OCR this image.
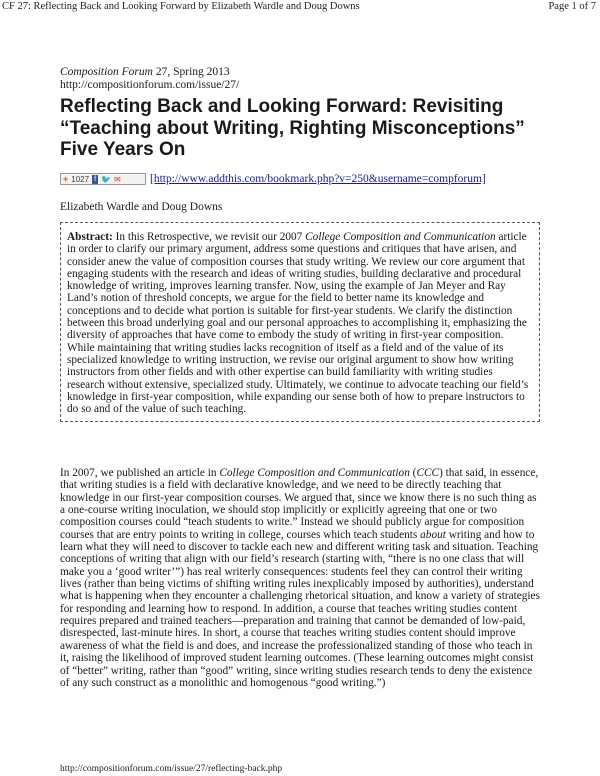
CF 27: Reflecting Back and Looking Forward by Elizabeth Wardle and Doug Downs	Page 1 of 7
Composition Forum 27, Spring 2013
http://compositionforum.com/issue/27/
Reflecting Back and Looking Forward: Revisiting “Teaching about Writing, Righting Misconceptions” Five Years On
+ 1027 f 🐦 ✉	[http://www.addthis.com/bookmark.php?v=250&username=compforum]
Elizabeth Wardle and Doug Downs
Abstract: In this Retrospective, we revisit our 2007 College Composition and Communication article in order to clarify our primary argument, address some questions and critiques that have arisen, and consider anew the value of composition courses that study writing. We review our core argument that engaging students with the research and ideas of writing studies, building declarative and procedural knowledge of writing, improves learning transfer. Now, using the example of Jan Meyer and Ray Land’s notion of threshold concepts, we argue for the field to better name its knowledge and conceptions and to decide what portion is suitable for first-year students. We clarify the distinction between this broad underlying goal and our personal approaches to accomplishing it, emphasizing the diversity of approaches that have come to embody the study of writing in first-year composition. While maintaining that writing studies lacks recognition of itself as a field and of the value of its specialized knowledge to writing instruction, we revise our original argument to show how writing instructors from other fields and with other expertise can build familiarity with writing studies research without extensive, specialized study. Ultimately, we continue to advocate teaching our field’s knowledge in first-year composition, while expanding our sense both of how to prepare instructors to do so and of the value of such teaching.

In 2007, we published an article in College Composition and Communication (CCC) that said, in essence, that writing studies is a field with declarative knowledge, and we need to be directly teaching that knowledge in our first-year composition courses. We argued that, since we know there is no such thing as a one-course writing inoculation, we should stop implicitly or explicitly agreeing that one or two composition courses could “teach students to write.” Instead we should publicly argue for composition courses that are entry points to writing in college, courses which teach students about writing and how to learn what they will need to discover to tackle each new and different writing task and situation. Teaching conceptions of writing that align with our field’s research (starting with, “there is no one class that will make you a ‘good writer’”) has real writerly consequences: students feel they can control their writing lives (rather than being victims of shifting writing rules inexplicably imposed by authorities), understand what is happening when they encounter a challenging rhetorical situation, and know a variety of strategies for responding and learning how to respond. In addition, a course that teaches writing studies content requires prepared and trained teachers—preparation and training that cannot be demanded of low-paid, disrespected, last-minute hires. In short, a course that teaches writing studies content should improve awareness of what the field is and does, and increase the professionalized standing of those who teach in it, raising the likelihood of improved student learning outcomes. (These learning outcomes might consist of “better” writing, rather than “good” writing, since writing studies research tends to deny the existence of any such construct as a monolithic and homogenous “good writing.”)

http://compositionforum.com/issue/27/reflecting-back.php
